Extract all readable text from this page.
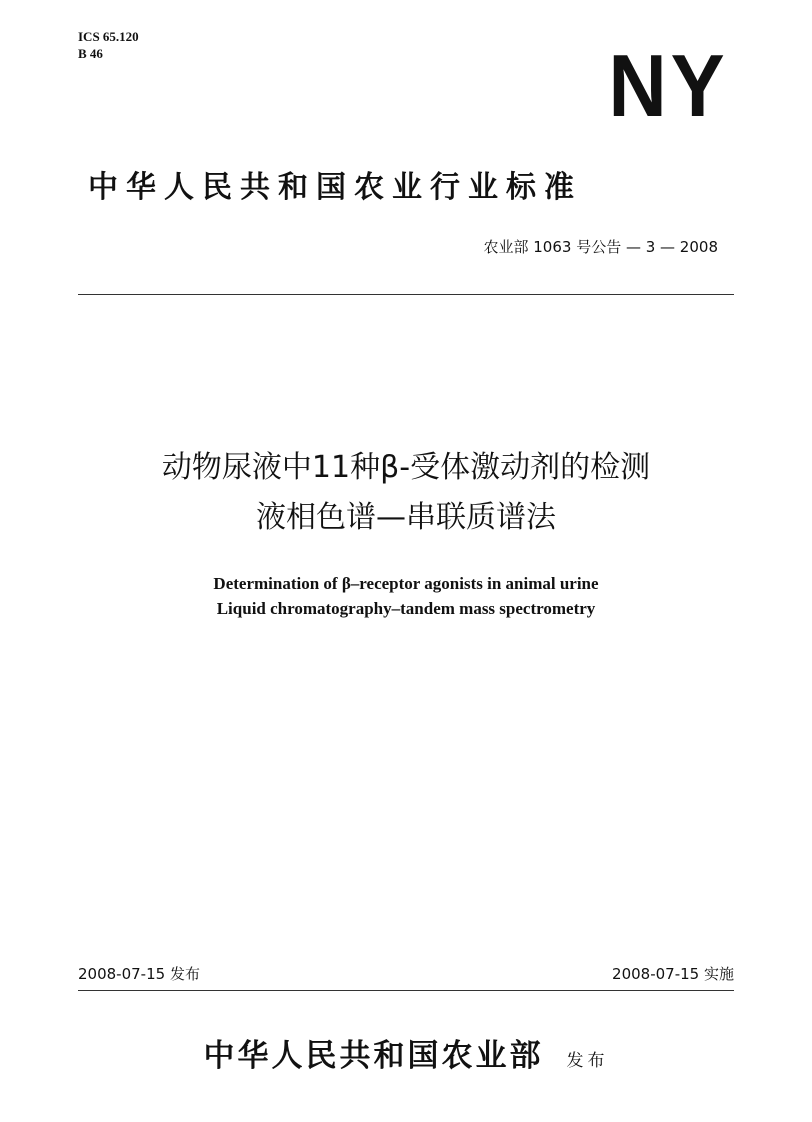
ICS 65.120
B 46	NY
中华人民共和国农业行业标准
农业部 1063 号公告 — 3 — 2008
动物尿液中11种β-受体激动剂的检测
液相色谱—串联质谱法
Determination of β–receptor agonists in animal urine
Liquid chromatography–tandem mass spectrometry
2008-07-15 发布	2008-07-15 实施
中华人民共和国农业部 发布
